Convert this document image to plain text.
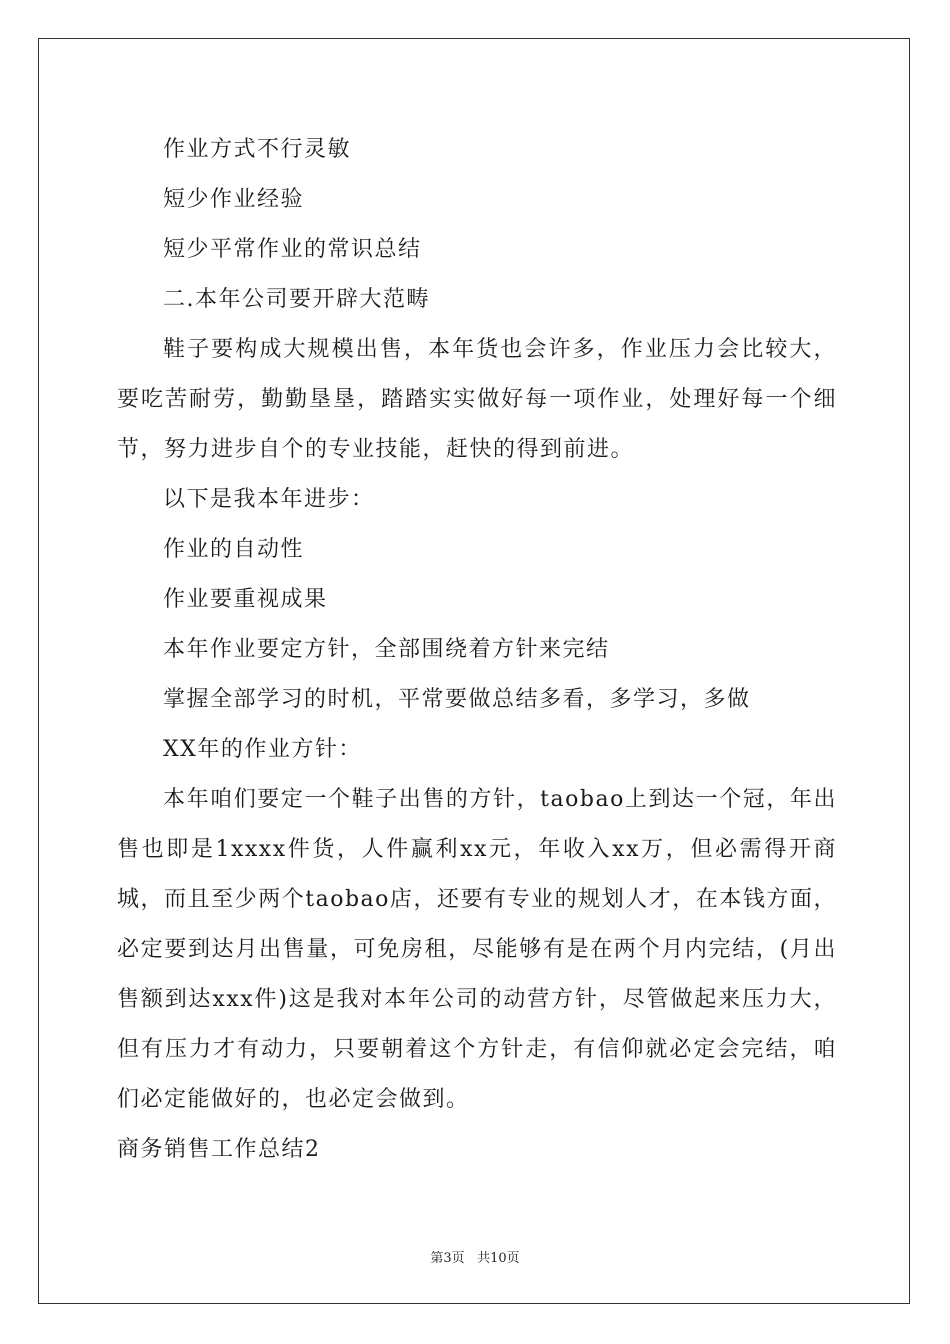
作业方式不行灵敏
短少作业经验
短少平常作业的常识总结
二.本年公司要开辟大范畴

鞋子要构成大规模出售，本年货也会许多，作业压力会比较大，要吃苦耐劳，勤勤垦垦，踏踏实实做好每一项作业，处理好每一个细节，努力进步自个的专业技能，赶快的得到前进。

以下是我本年进步：
作业的自动性
作业要重视成果
本年作业要定方针，全部围绕着方针来完结
掌握全部学习的时机，平常要做总结多看，多学习，多做
XX年的作业方针：

本年咱们要定一个鞋子出售的方针，taobao上到达一个冠，年出售也即是1xxxx件货，人件赢利xx元，年收入xx万，但必需得开商城，而且至少两个taobao店，还要有专业的规划人才，在本钱方面，必定要到达月出售量，可免房租，尽能够有是在两个月内完结，(月出售额到达xxx件)这是我对本年公司的动营方针，尽管做起来压力大，但有压力才有动力，只要朝着这个方针走，有信仰就必定会完结，咱们必定能做好的，也必定会做到。

商务销售工作总结2

第3页 共10页
